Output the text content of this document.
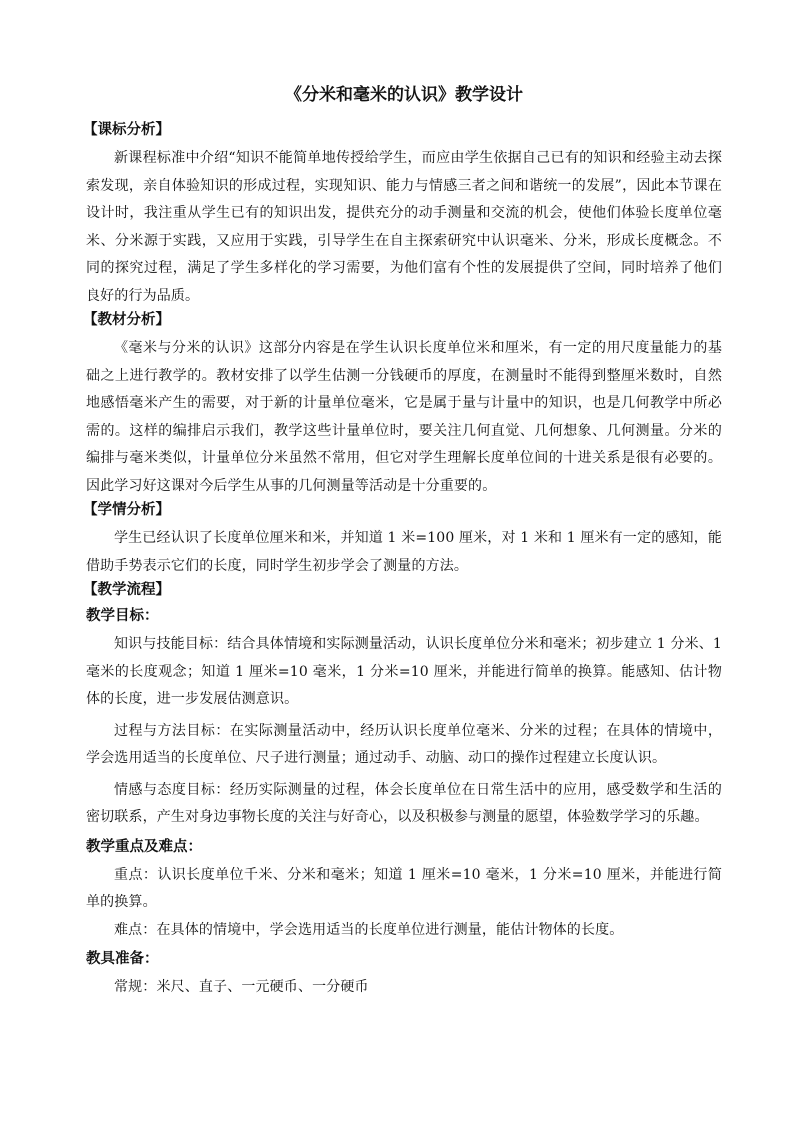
《分米和毫米的认识》教学设计

【课标分析】

新课程标准中介绍“知识不能简单地传授给学生，而应由学生依据自己已有的知识和经验主动去探索发现，亲自体验知识的形成过程，实现知识、能力与情感三者之间和谐统一的发展”，因此本节课在设计时，我注重从学生已有的知识出发，提供充分的动手测量和交流的机会，使他们体验长度单位毫米、分米源于实践，又应用于实践，引导学生在自主探索研究中认识毫米、分米，形成长度概念。不同的探究过程，满足了学生多样化的学习需要，为他们富有个性的发展提供了空间，同时培养了他们良好的行为品质。

【教材分析】

《毫米与分米的认识》这部分内容是在学生认识长度单位米和厘米，有一定的用尺度量能力的基础之上进行教学的。教材安排了以学生估测一分钱硬币的厚度，在测量时不能得到整厘米数时，自然地感悟毫米产生的需要，对于新的计量单位毫米，它是属于量与计量中的知识，也是几何教学中所必需的。这样的编排启示我们，教学这些计量单位时，要关注几何直觉、几何想象、几何测量。分米的编排与毫米类似，计量单位分米虽然不常用，但它对学生理解长度单位间的十进关系是很有必要的。因此学习好这课对今后学生从事的几何测量等活动是十分重要的。

【学情分析】

学生已经认识了长度单位厘米和米，并知道 1 米=100 厘米，对 1 米和 1 厘米有一定的感知，能借助手势表示它们的长度，同时学生初步学会了测量的方法。

【教学流程】

教学目标：

知识与技能目标：结合具体情境和实际测量活动，认识长度单位分米和毫米；初步建立 1 分米、1 毫米的长度观念；知道 1 厘米=10 毫米，1 分米=10 厘米，并能进行简单的换算。能感知、估计物体的长度，进一步发展估测意识。

过程与方法目标：在实际测量活动中，经历认识长度单位毫米、分米的过程；在具体的情境中，学会选用适当的长度单位、尺子进行测量；通过动手、动脑、动口的操作过程建立长度认识。

情感与态度目标：经历实际测量的过程，体会长度单位在日常生活中的应用，感受数学和生活的密切联系，产生对身边事物长度的关注与好奇心，以及积极参与测量的愿望，体验数学学习的乐趣。

教学重点及难点：

重点：认识长度单位千米、分米和毫米；知道 1 厘米=10 毫米，1 分米=10 厘米，并能进行简单的换算。

难点：在具体的情境中，学会选用适当的长度单位进行测量，能估计物体的长度。

教具准备：

常规：米尺、直子、一元硬币、一分硬币
